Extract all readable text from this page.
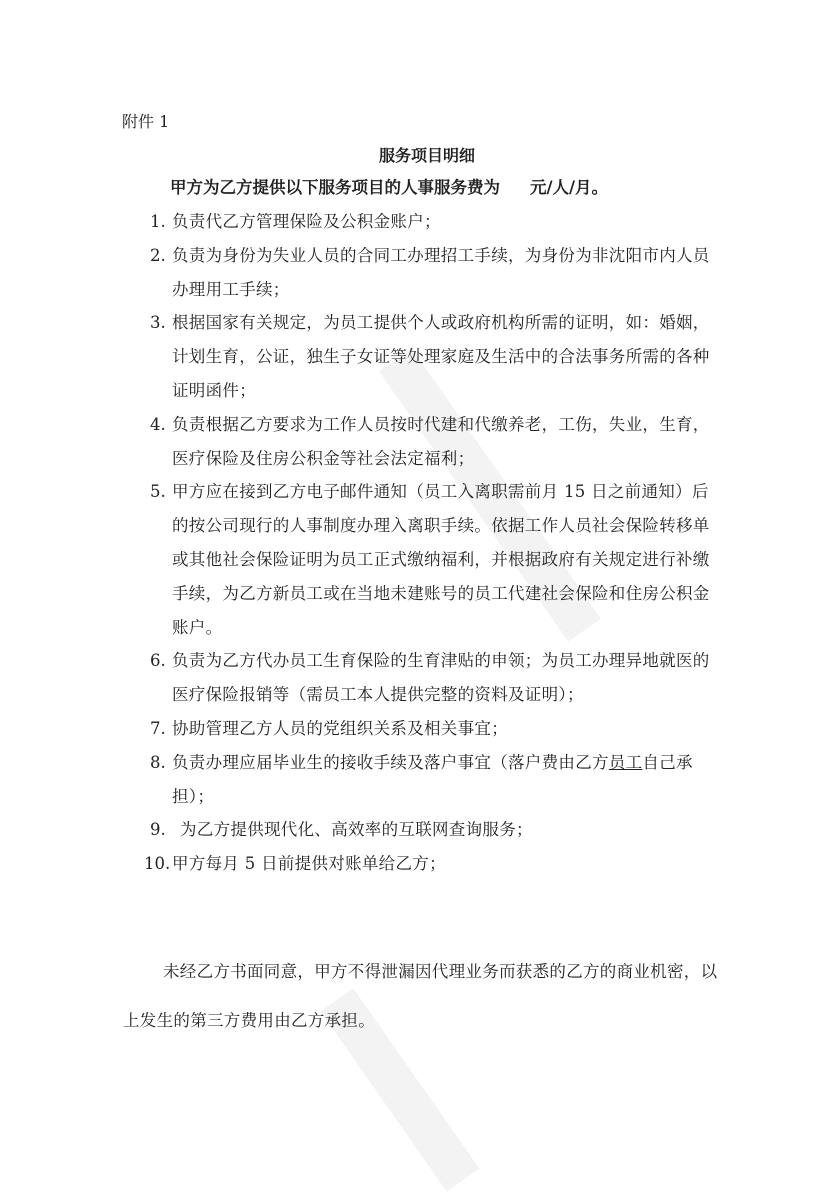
附件 1
服务项目明细
甲方为乙方提供以下服务项目的人事服务费为 元/人/月。
1. 负责代乙方管理保险及公积金账户；
2. 负责为身份为失业人员的合同工办理招工手续，为身份为非沈阳市内人员
办理用工手续；
3. 根据国家有关规定，为员工提供个人或政府机构所需的证明，如：婚姻，
计划生育，公证，独生子女证等处理家庭及生活中的合法事务所需的各种
证明函件；
4. 负责根据乙方要求为工作人员按时代建和代缴养老，工伤，失业，生育，
医疗保险及住房公积金等社会法定福利；
5. 甲方应在接到乙方电子邮件通知（员工入离职需前月 15 日之前通知）后
的按公司现行的人事制度办理入离职手续。依据工作人员社会保险转移单
或其他社会保险证明为员工正式缴纳福利，并根据政府有关规定进行补缴
手续，为乙方新员工或在当地未建账号的员工代建社会保险和住房公积金
账户。
6. 负责为乙方代办员工生育保险的生育津贴的申领；为员工办理异地就医的
医疗保险报销等（需员工本人提供完整的资料及证明）；
7. 协助管理乙方人员的党组织关系及相关事宜；
8. 负责办理应届毕业生的接收手续及落户事宜（落户费由乙方员工自己承
担）；
9. 为乙方提供现代化、高效率的互联网查询服务；
10. 甲方每月 5 日前提供对账单给乙方；
未经乙方书面同意，甲方不得泄漏因代理业务而获悉的乙方的商业机密，以
上发生的第三方费用由乙方承担。
